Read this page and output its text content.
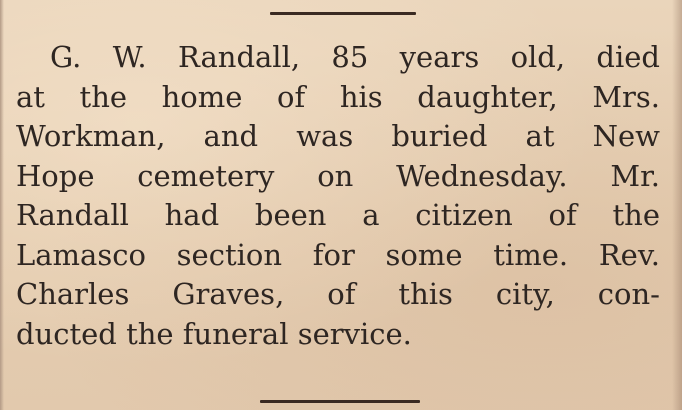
G. W. Randall, 85 years old, died
at the home of his daughter, Mrs.
Workman, and was buried at New
Hope cemetery on Wednesday. Mr.
Randall had been a citizen of the
Lamasco section for some time. Rev.
Charles Graves, of this city, con-
ducted the funeral service.
